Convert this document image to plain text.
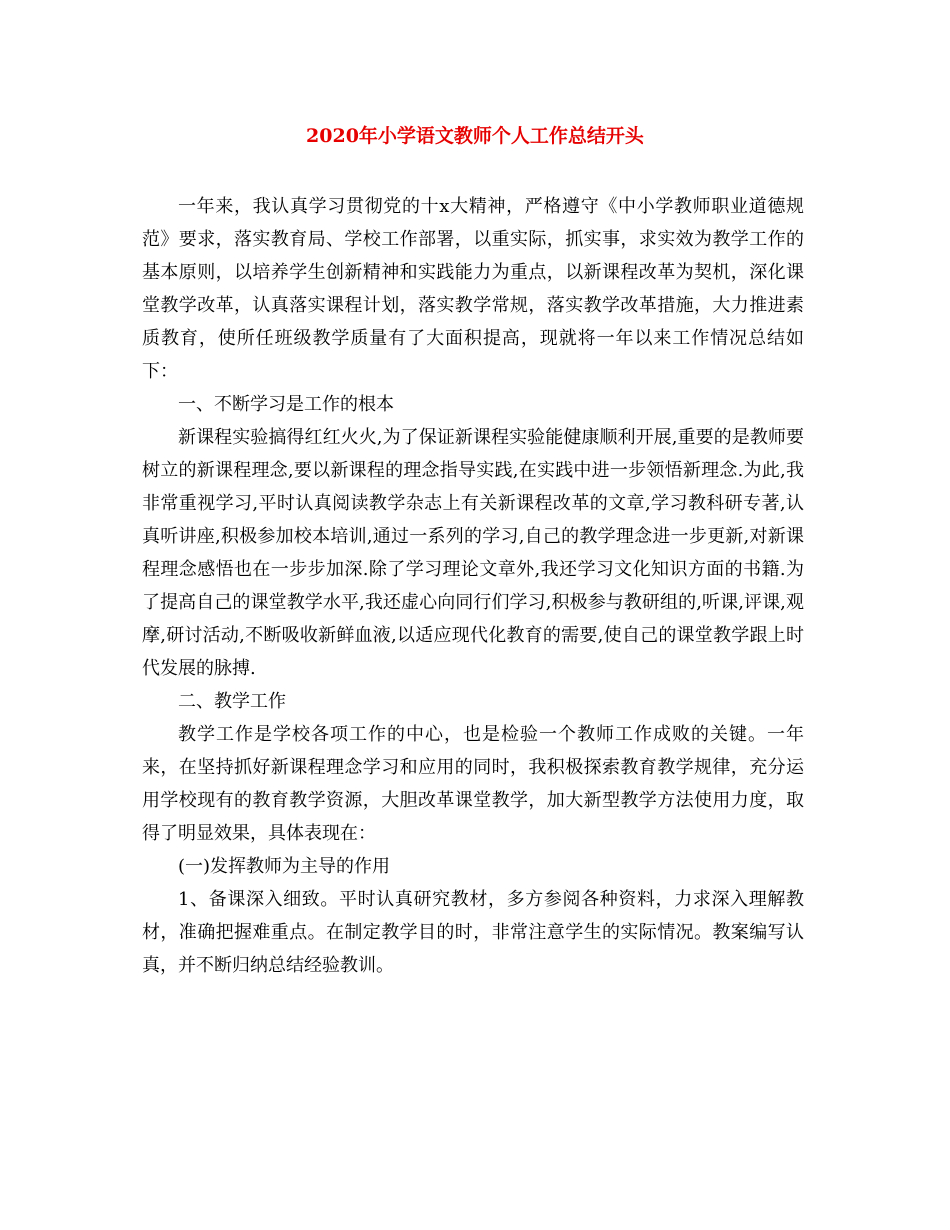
2020年小学语文教师个人工作总结开头

一年来，我认真学习贯彻党的十x大精神，严格遵守《中小学教师职业道德规范》要求，落实教育局、学校工作部署，以重实际，抓实事，求实效为教学工作的基本原则，以培养学生创新精神和实践能力为重点，以新课程改革为契机，深化课堂教学改革，认真落实课程计划，落实教学常规，落实教学改革措施，大力推进素质教育，使所任班级教学质量有了大面积提高，现就将一年以来工作情况总结如下：

一、不断学习是工作的根本

新课程实验搞得红红火火,为了保证新课程实验能健康顺利开展,重要的是教师要树立的新课程理念,要以新课程的理念指导实践,在实践中进一步领悟新理念.为此,我非常重视学习,平时认真阅读教学杂志上有关新课程改革的文章,学习教科研专著,认真听讲座,积极参加校本培训,通过一系列的学习,自己的教学理念进一步更新,对新课程理念感悟也在一步步加深.除了学习理论文章外,我还学习文化知识方面的书籍.为了提高自己的课堂教学水平,我还虚心向同行们学习,积极参与教研组的,听课,评课,观摩,研讨活动,不断吸收新鲜血液,以适应现代化教育的需要,使自己的课堂教学跟上时代发展的脉搏.

二、教学工作

教学工作是学校各项工作的中心，也是检验一个教师工作成败的关键。一年来，在坚持抓好新课程理念学习和应用的同时，我积极探索教育教学规律，充分运用学校现有的教育教学资源，大胆改革课堂教学，加大新型教学方法使用力度，取得了明显效果，具体表现在：

(一)发挥教师为主导的作用

1、备课深入细致。平时认真研究教材，多方参阅各种资料，力求深入理解教材，准确把握难重点。在制定教学目的时，非常注意学生的实际情况。教案编写认真，并不断归纳总结经验教训。
